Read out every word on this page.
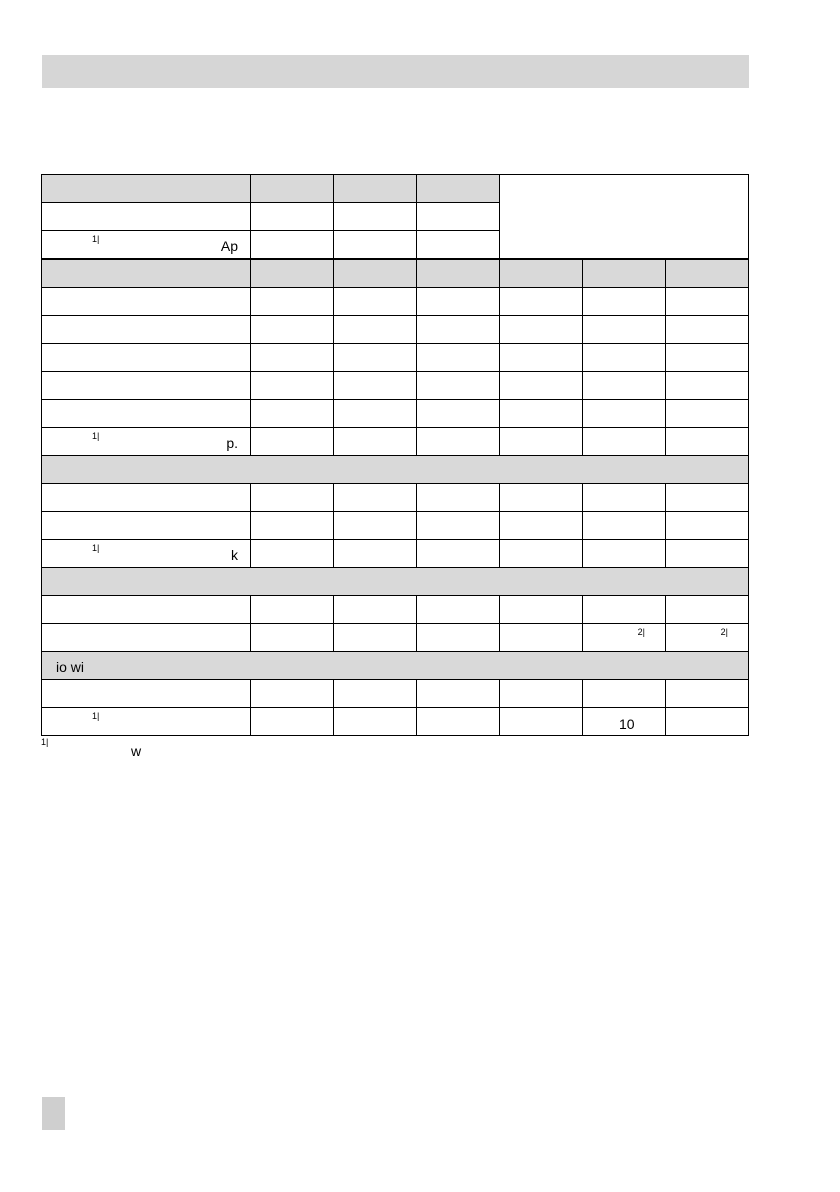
1| Ap						

1| p.						

1| k						

					2|	2|

io wi						

1|					10	

1|
w
